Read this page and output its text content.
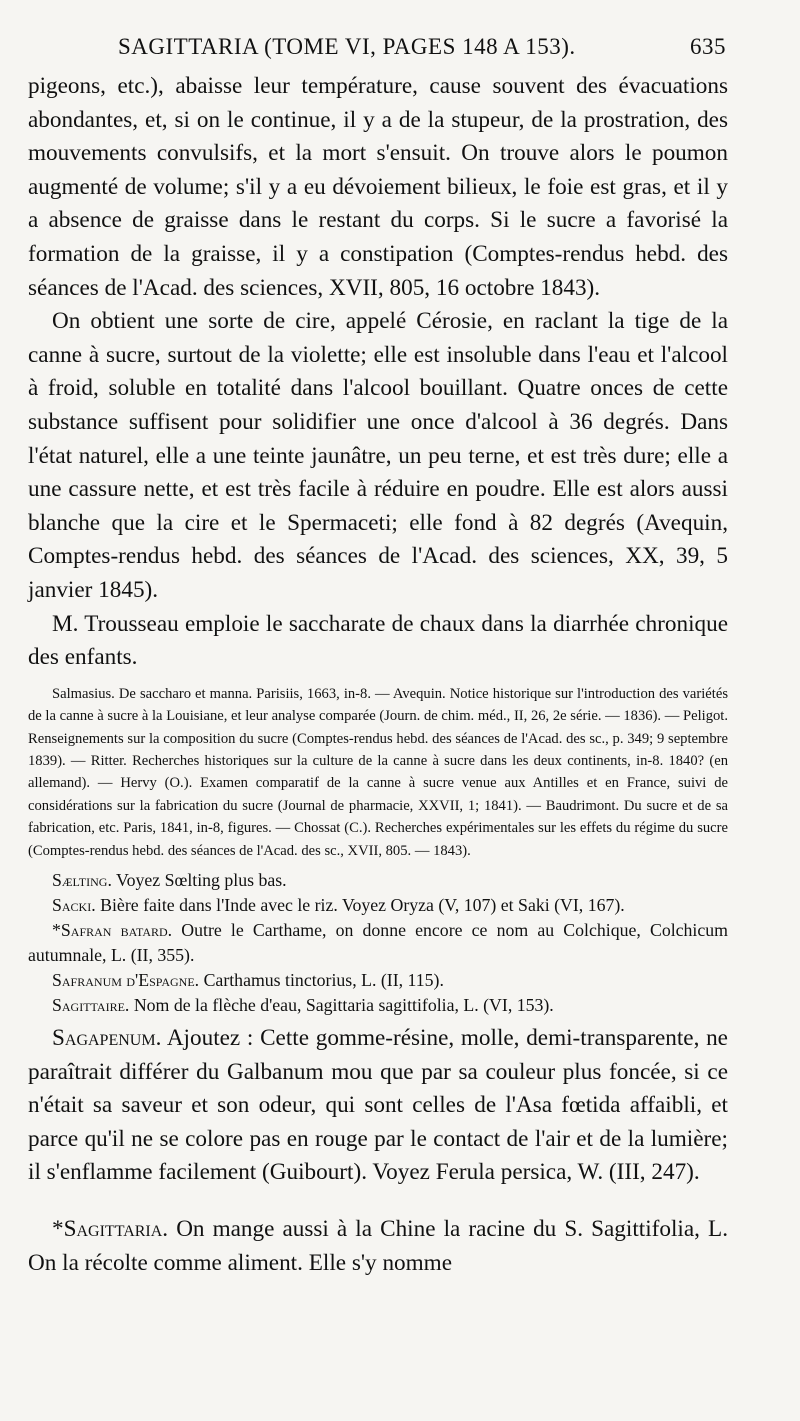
SAGITTARIA (TOME VI, PAGES 148 A 153).	635

pigeons, etc.), abaisse leur température, cause souvent des évacuations abondantes, et, si on le continue, il y a de la stupeur, de la prostration, des mouvements convulsifs, et la mort s'ensuit. On trouve alors le poumon augmenté de volume; s'il y a eu dévoiement bilieux, le foie est gras, et il y a absence de graisse dans le restant du corps. Si le sucre a favorisé la formation de la graisse, il y a constipation (Comptes-rendus hebd. des séances de l'Acad. des sciences, XVII, 805, 16 octobre 1843).

On obtient une sorte de cire, appelé Cérosie, en raclant la tige de la canne à sucre, surtout de la violette; elle est insoluble dans l'eau et l'alcool à froid, soluble en totalité dans l'alcool bouillant. Quatre onces de cette substance suffisent pour solidifier une once d'alcool à 36 degrés. Dans l'état naturel, elle a une teinte jaunâtre, un peu terne, et est très dure; elle a une cassure nette, et est très facile à réduire en poudre. Elle est alors aussi blanche que la cire et le Spermaceti; elle fond à 82 degrés (Avequin, Comptes-rendus hebd. des séances de l'Acad. des sciences, XX, 39, 5 janvier 1845).

M. Trousseau emploie le saccharate de chaux dans la diarrhée chronique des enfants.

Salmasius. De saccharo et manna. Parisiis, 1663, in-8. — Avequin. Notice historique sur l'introduction des variétés de la canne à sucre à la Louisiane, et leur analyse comparée (Journ. de chim. méd., II, 26, 2e série. — 1836). — Peligot. Renseignements sur la composition du sucre (Comptes-rendus hebd. des séances de l'Acad. des sc., p. 349; 9 septembre 1839). — Ritter. Recherches historiques sur la culture de la canne à sucre dans les deux continents, in-8. 1840? (en allemand). — Hervy (O.). Examen comparatif de la canne à sucre venue aux Antilles et en France, suivi de considérations sur la fabrication du sucre (Journal de pharmacie, XXVII, 1; 1841). — Baudrimont. Du sucre et de sa fabrication, etc. Paris, 1841, in-8, figures. — Chossat (C.). Recherches expérimentales sur les effets du régime du sucre (Comptes-rendus hebd. des séances de l'Acad. des sc., XVII, 805. — 1843).

Sælting. Voyez Sœlting plus bas.

Sacki. Bière faite dans l'Inde avec le riz. Voyez Oryza (V, 107) et Saki (VI, 167).

*Safran batard. Outre le Carthame, on donne encore ce nom au Colchique, Colchicum autumnale, L. (II, 355).

Safranum d'Espagne. Carthamus tinctorius, L. (II, 115).

Sagittaire. Nom de la flèche d'eau, Sagittaria sagittifolia, L. (VI, 153).

Sagapenum. Ajoutez : Cette gomme-résine, molle, demi-transparente, ne paraîtrait différer du Galbanum mou que par sa couleur plus foncée, si ce n'était sa saveur et son odeur, qui sont celles de l'Asa fœtida affaibli, et parce qu'il ne se colore pas en rouge par le contact de l'air et de la lumière; il s'enflamme facilement (Guibourt). Voyez Ferula persica, W. (III, 247).

*Sagittaria. On mange aussi à la Chine la racine du S. Sagittifolia, L. On la récolte comme aliment. Elle s'y nomme
